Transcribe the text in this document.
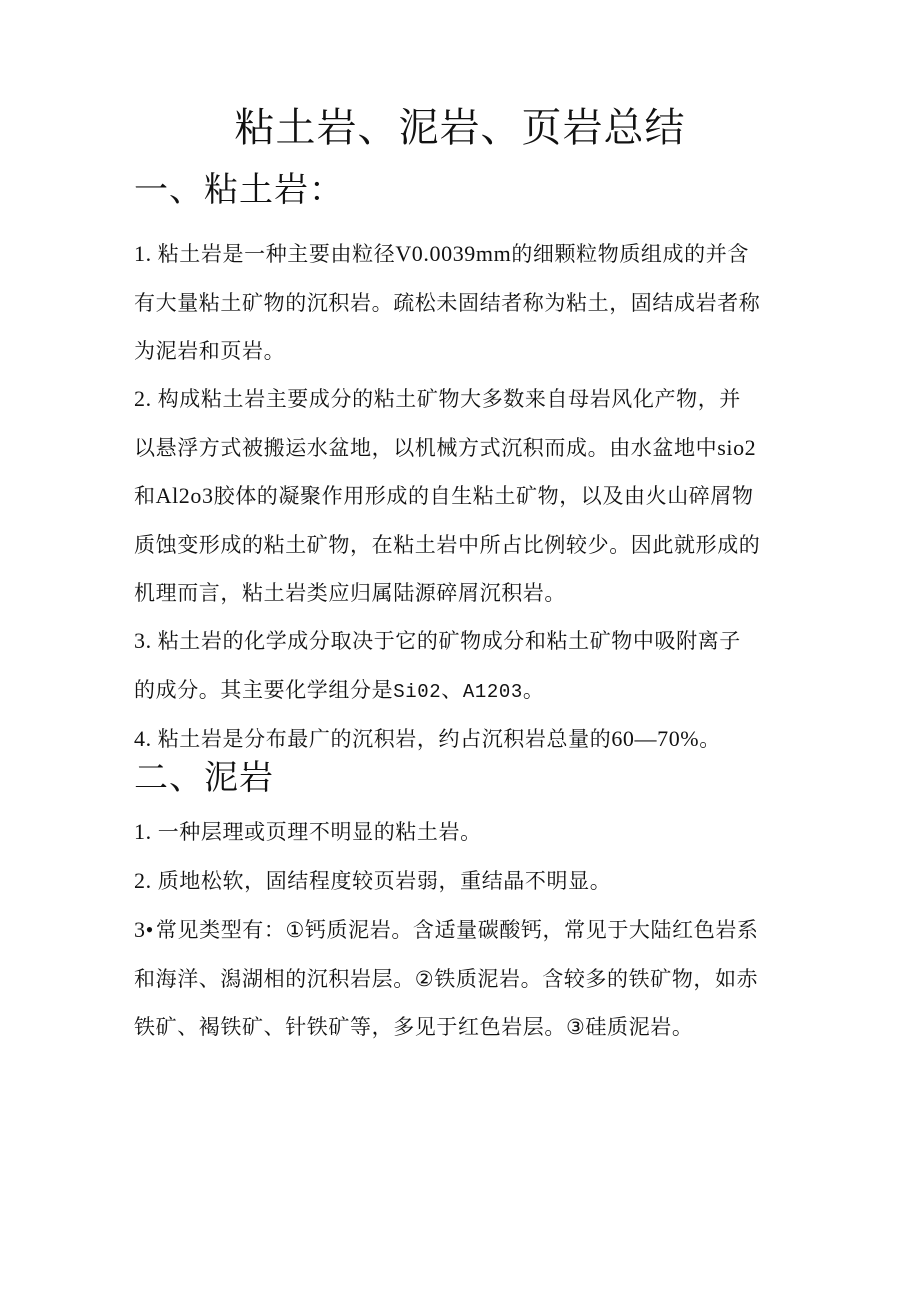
粘土岩、泥岩、页岩总结
一、粘土岩：

1. 粘土岩是一种主要由粒径V0.0039mm的细颗粒物质组成的并含
有大量粘土矿物的沉积岩。疏松未固结者称为粘土，固结成岩者称
为泥岩和页岩。

2. 构成粘土岩主要成分的粘土矿物大多数来自母岩风化产物，并
以悬浮方式被搬运水盆地，以机械方式沉积而成。由水盆地中sio2
和Al2o3胶体的凝聚作用形成的自生粘土矿物，以及由火山碎屑物
质蚀变形成的粘土矿物，在粘土岩中所占比例较少。因此就形成的
机理而言，粘土岩类应归属陆源碎屑沉积岩。

3. 粘土岩的化学成分取决于它的矿物成分和粘土矿物中吸附离子
的成分。其主要化学组分是Si02、A1203。

4. 粘土岩是分布最广的沉积岩，约占沉积岩总量的60—70%。

二、泥岩

1. 一种层理或页理不明显的粘土岩。

2. 质地松软，固结程度较页岩弱，重结晶不明显。

3•常见类型有：①钙质泥岩。含适量碳酸钙，常见于大陆红色岩系
和海洋、潟湖相的沉积岩层。②铁质泥岩。含较多的铁矿物，如赤
铁矿、褐铁矿、针铁矿等，多见于红色岩层。③硅质泥岩。
